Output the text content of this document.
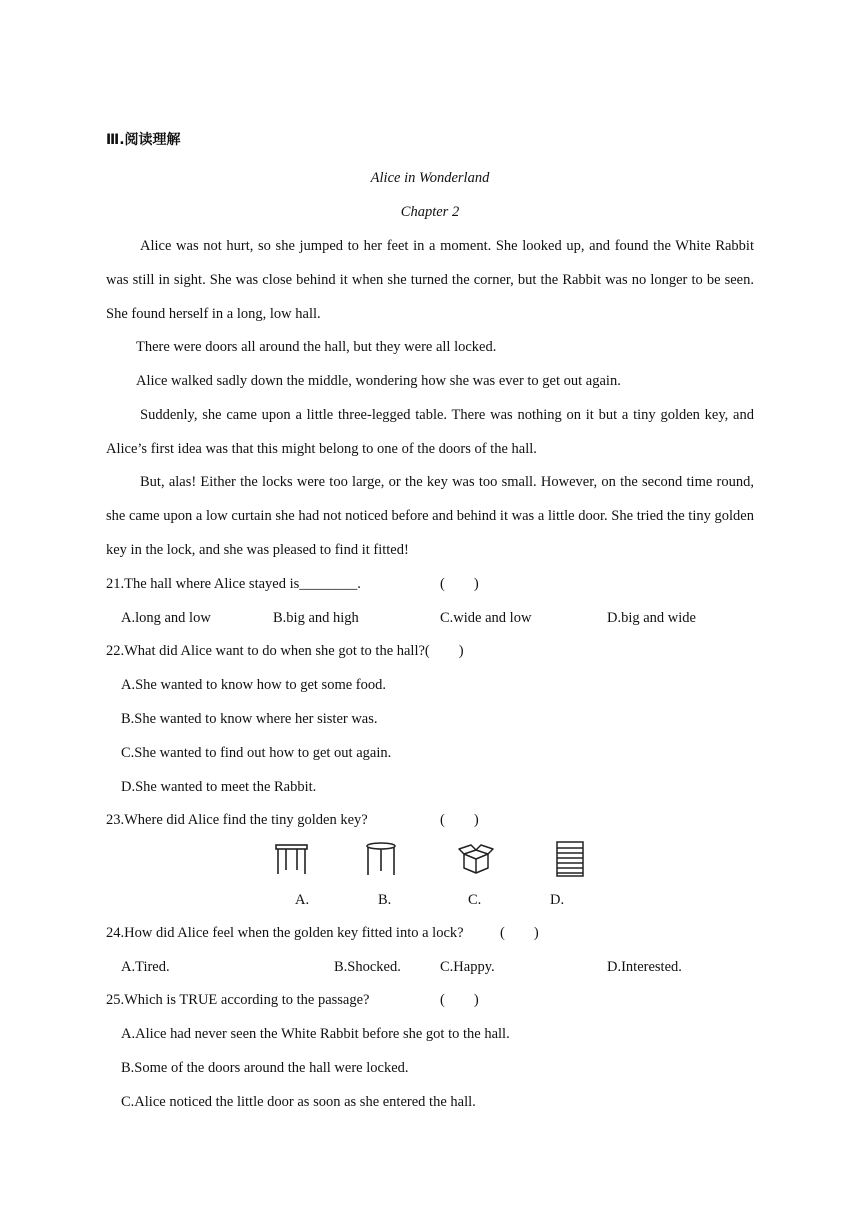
Ⅲ.阅读理解
Alice in Wonderland
Chapter 2

Alice was not hurt, so she jumped to her feet in a moment. She looked up, and found the White Rabbit was still in sight. She was close behind it when she turned the corner, but the Rabbit was no longer to be seen. She found herself in a long, low hall.

There were doors all around the hall, but they were all locked.

Alice walked sadly down the middle, wondering how she was ever to get out again.

Suddenly, she came upon a little three-legged table. There was nothing on it but a tiny golden key, and Alice’s first idea was that this might belong to one of the doors of the hall.

But, alas! Either the locks were too large, or the key was too small. However, on the second time round, she came upon a low curtain she had not noticed before and behind it was a little door. She tried the tiny golden key in the lock, and she was pleased to find it fitted!

21.The hall where Alice stayed is________.	(　　)
A.long and low	B.big and high	C.wide and low	D.big and wide
22.What did Alice want to do when she got to the hall?(　　)
A.She wanted to know how to get some food.
B.She wanted to know where her sister was.
C.She wanted to find out how to get out again.
D.She wanted to meet the Rabbit.
23.Where did Alice find the tiny golden key?	(　　)
A.	B.	C.	D.
24.How did Alice feel when the golden key fitted into a lock?	(　　)
A.Tired.	B.Shocked.	C.Happy.	D.Interested.
25.Which is TRUE according to the passage?	(　　)
A.Alice had never seen the White Rabbit before she got to the hall.
B.Some of the doors around the hall were locked.
C.Alice noticed the little door as soon as she entered the hall.
